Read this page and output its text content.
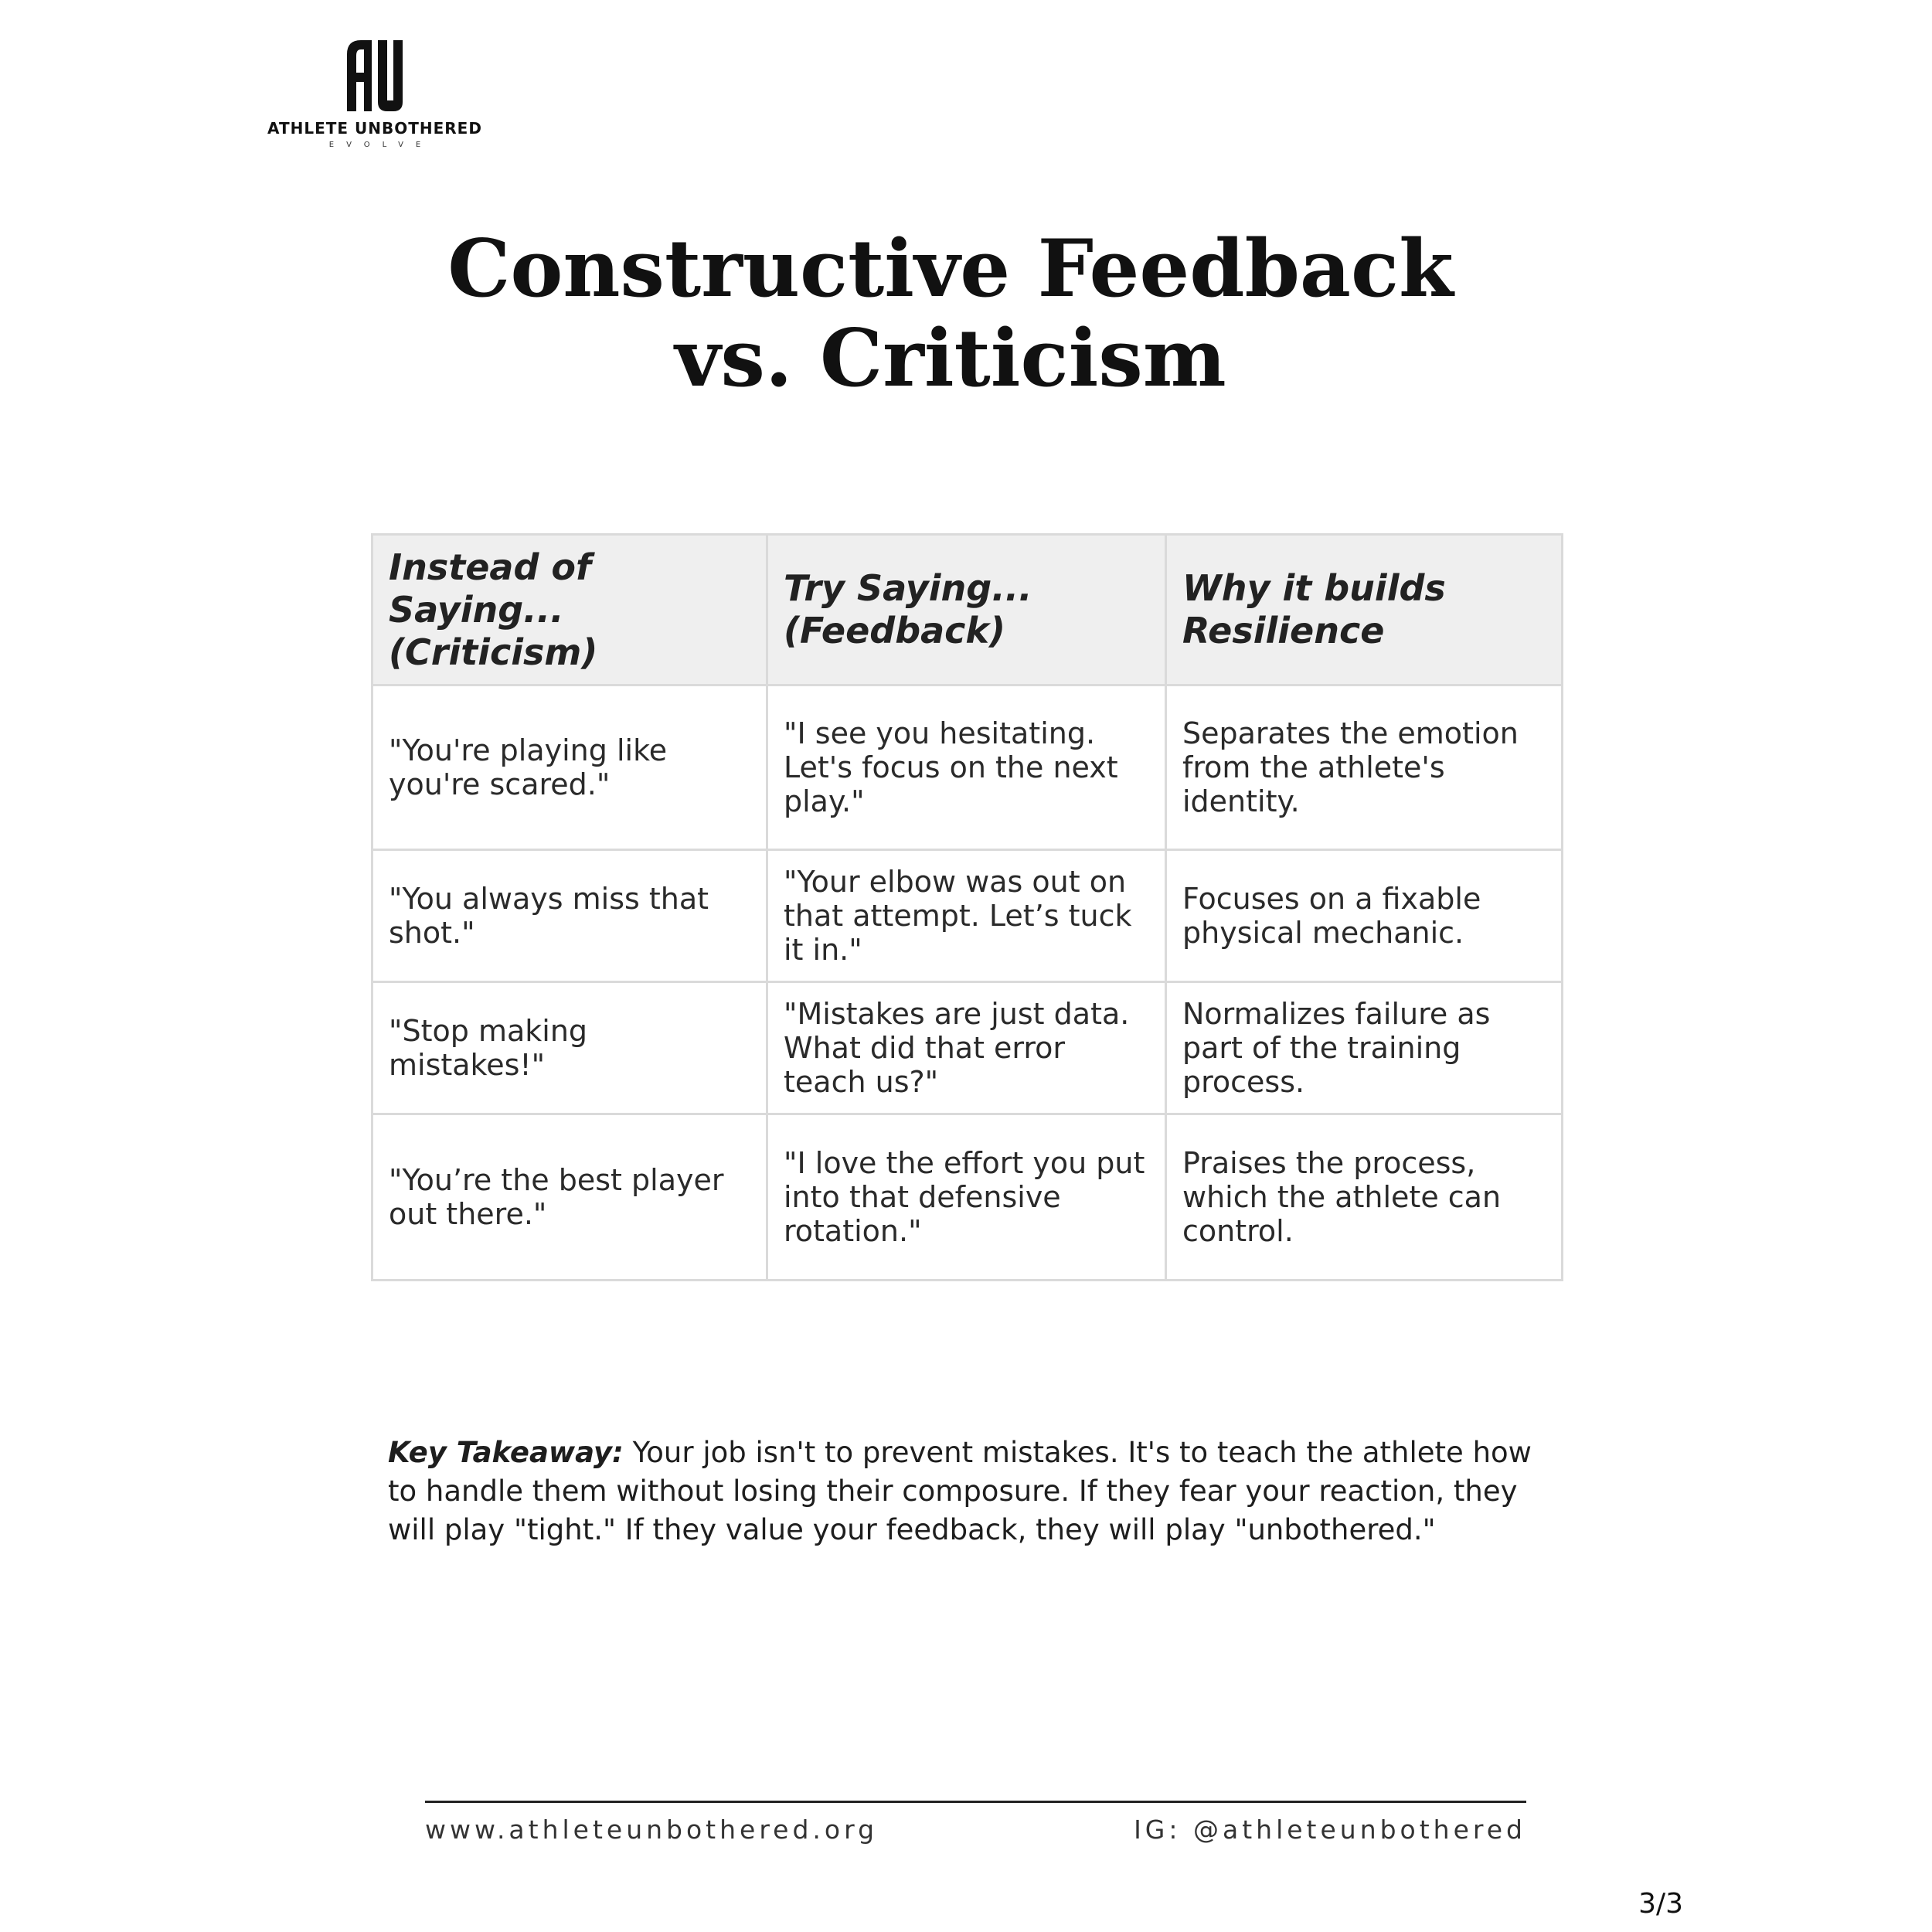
ATHLETE UNBOTHERED
EVOLVE
Constructive Feedback
vs. Criticism
Instead of Saying... (Criticism)	Try Saying... (Feedback)	Why it builds Resilience
"You're playing like you're scared."	"I see you hesitating. Let's focus on the next play."	Separates the emotion from the athlete's identity.
"You always miss that shot."	"Your elbow was out on that attempt. Let’s tuck it in."	Focuses on a fixable physical mechanic.
"Stop making mistakes!"	"Mistakes are just data. What did that error teach us?"	Normalizes failure as part of the training process.
"You’re the best player out there."	"I love the effort you put into that defensive rotation."	Praises the process, which the athlete can control.

Key Takeaway: Your job isn't to prevent mistakes. It's to teach the athlete how to handle them without losing their composure. If they fear your reaction, they will play "tight." If they value your feedback, they will play "unbothered."

www.athleteunbothered.org	IG: @athleteunbothered
3/3
